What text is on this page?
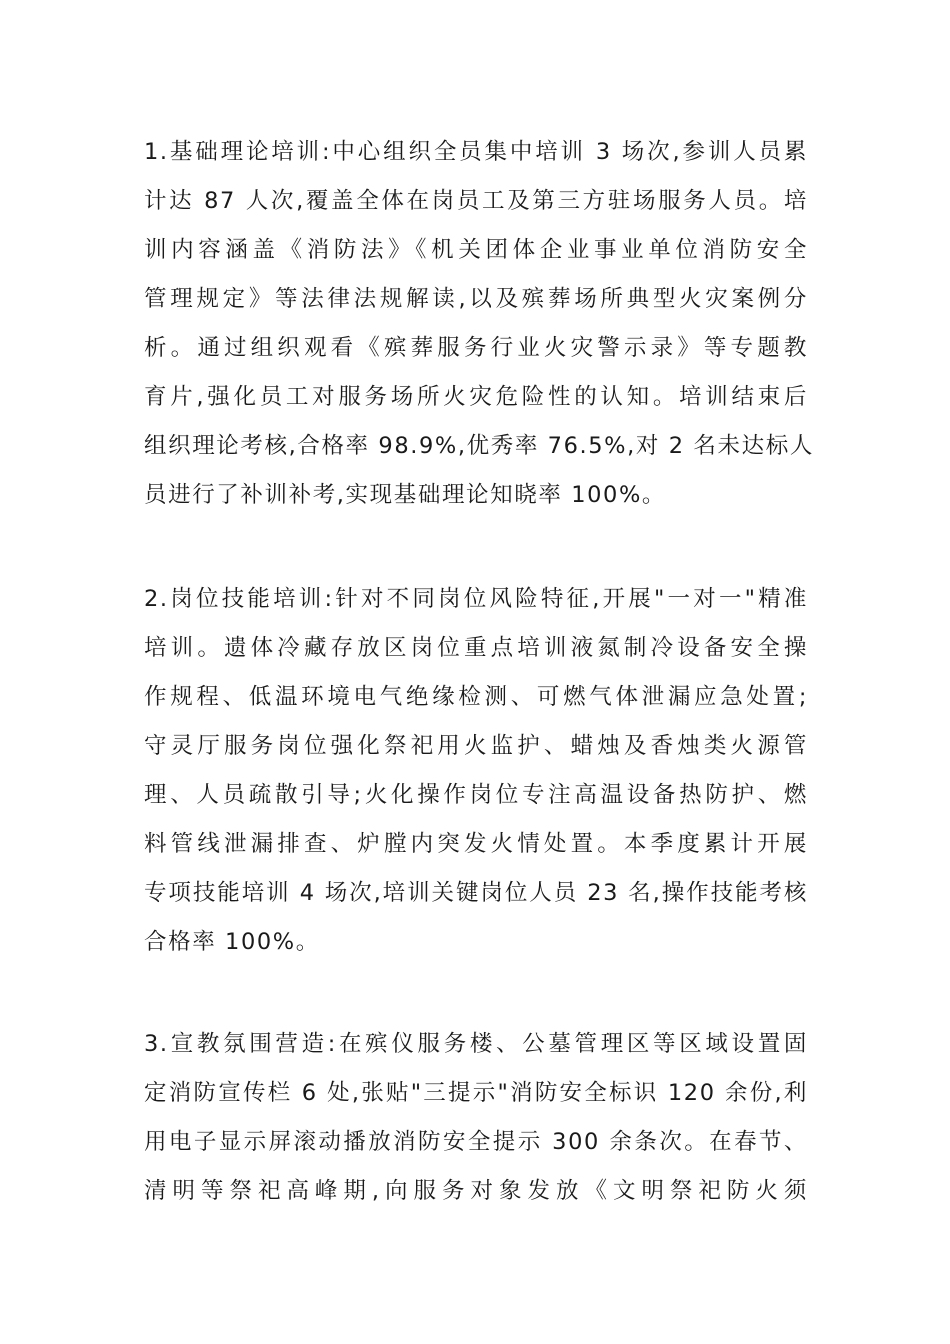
1.基础理论培训:中心组织全员集中培训 3 场次,参训人员累
计达 87 人次,覆盖全体在岗员工及第三方驻场服务人员。培
训内容涵盖《消防法》《机关团体企业事业单位消防安全
管理规定》等法律法规解读,以及殡葬场所典型火灾案例分
析。通过组织观看《殡葬服务行业火灾警示录》等专题教
育片,强化员工对服务场所火灾危险性的认知。培训结束后
组织理论考核,合格率 98.9%,优秀率 76.5%,对 2 名未达标人
员进行了补训补考,实现基础理论知晓率 100%。
2.岗位技能培训:针对不同岗位风险特征,开展"一对一"精准
培训。遗体冷藏存放区岗位重点培训液氮制冷设备安全操
作规程、低温环境电气绝缘检测、可燃气体泄漏应急处置;
守灵厅服务岗位强化祭祀用火监护、蜡烛及香烛类火源管
理、人员疏散引导;火化操作岗位专注高温设备热防护、燃
料管线泄漏排查、炉膛内突发火情处置。本季度累计开展
专项技能培训 4 场次,培训关键岗位人员 23 名,操作技能考核
合格率 100%。
3.宣教氛围营造:在殡仪服务楼、公墓管理区等区域设置固
定消防宣传栏 6 处,张贴"三提示"消防安全标识 120 余份,利
用电子显示屏滚动播放消防安全提示 300 余条次。在春节、
清明等祭祀高峰期,向服务对象发放《文明祭祀防火须
